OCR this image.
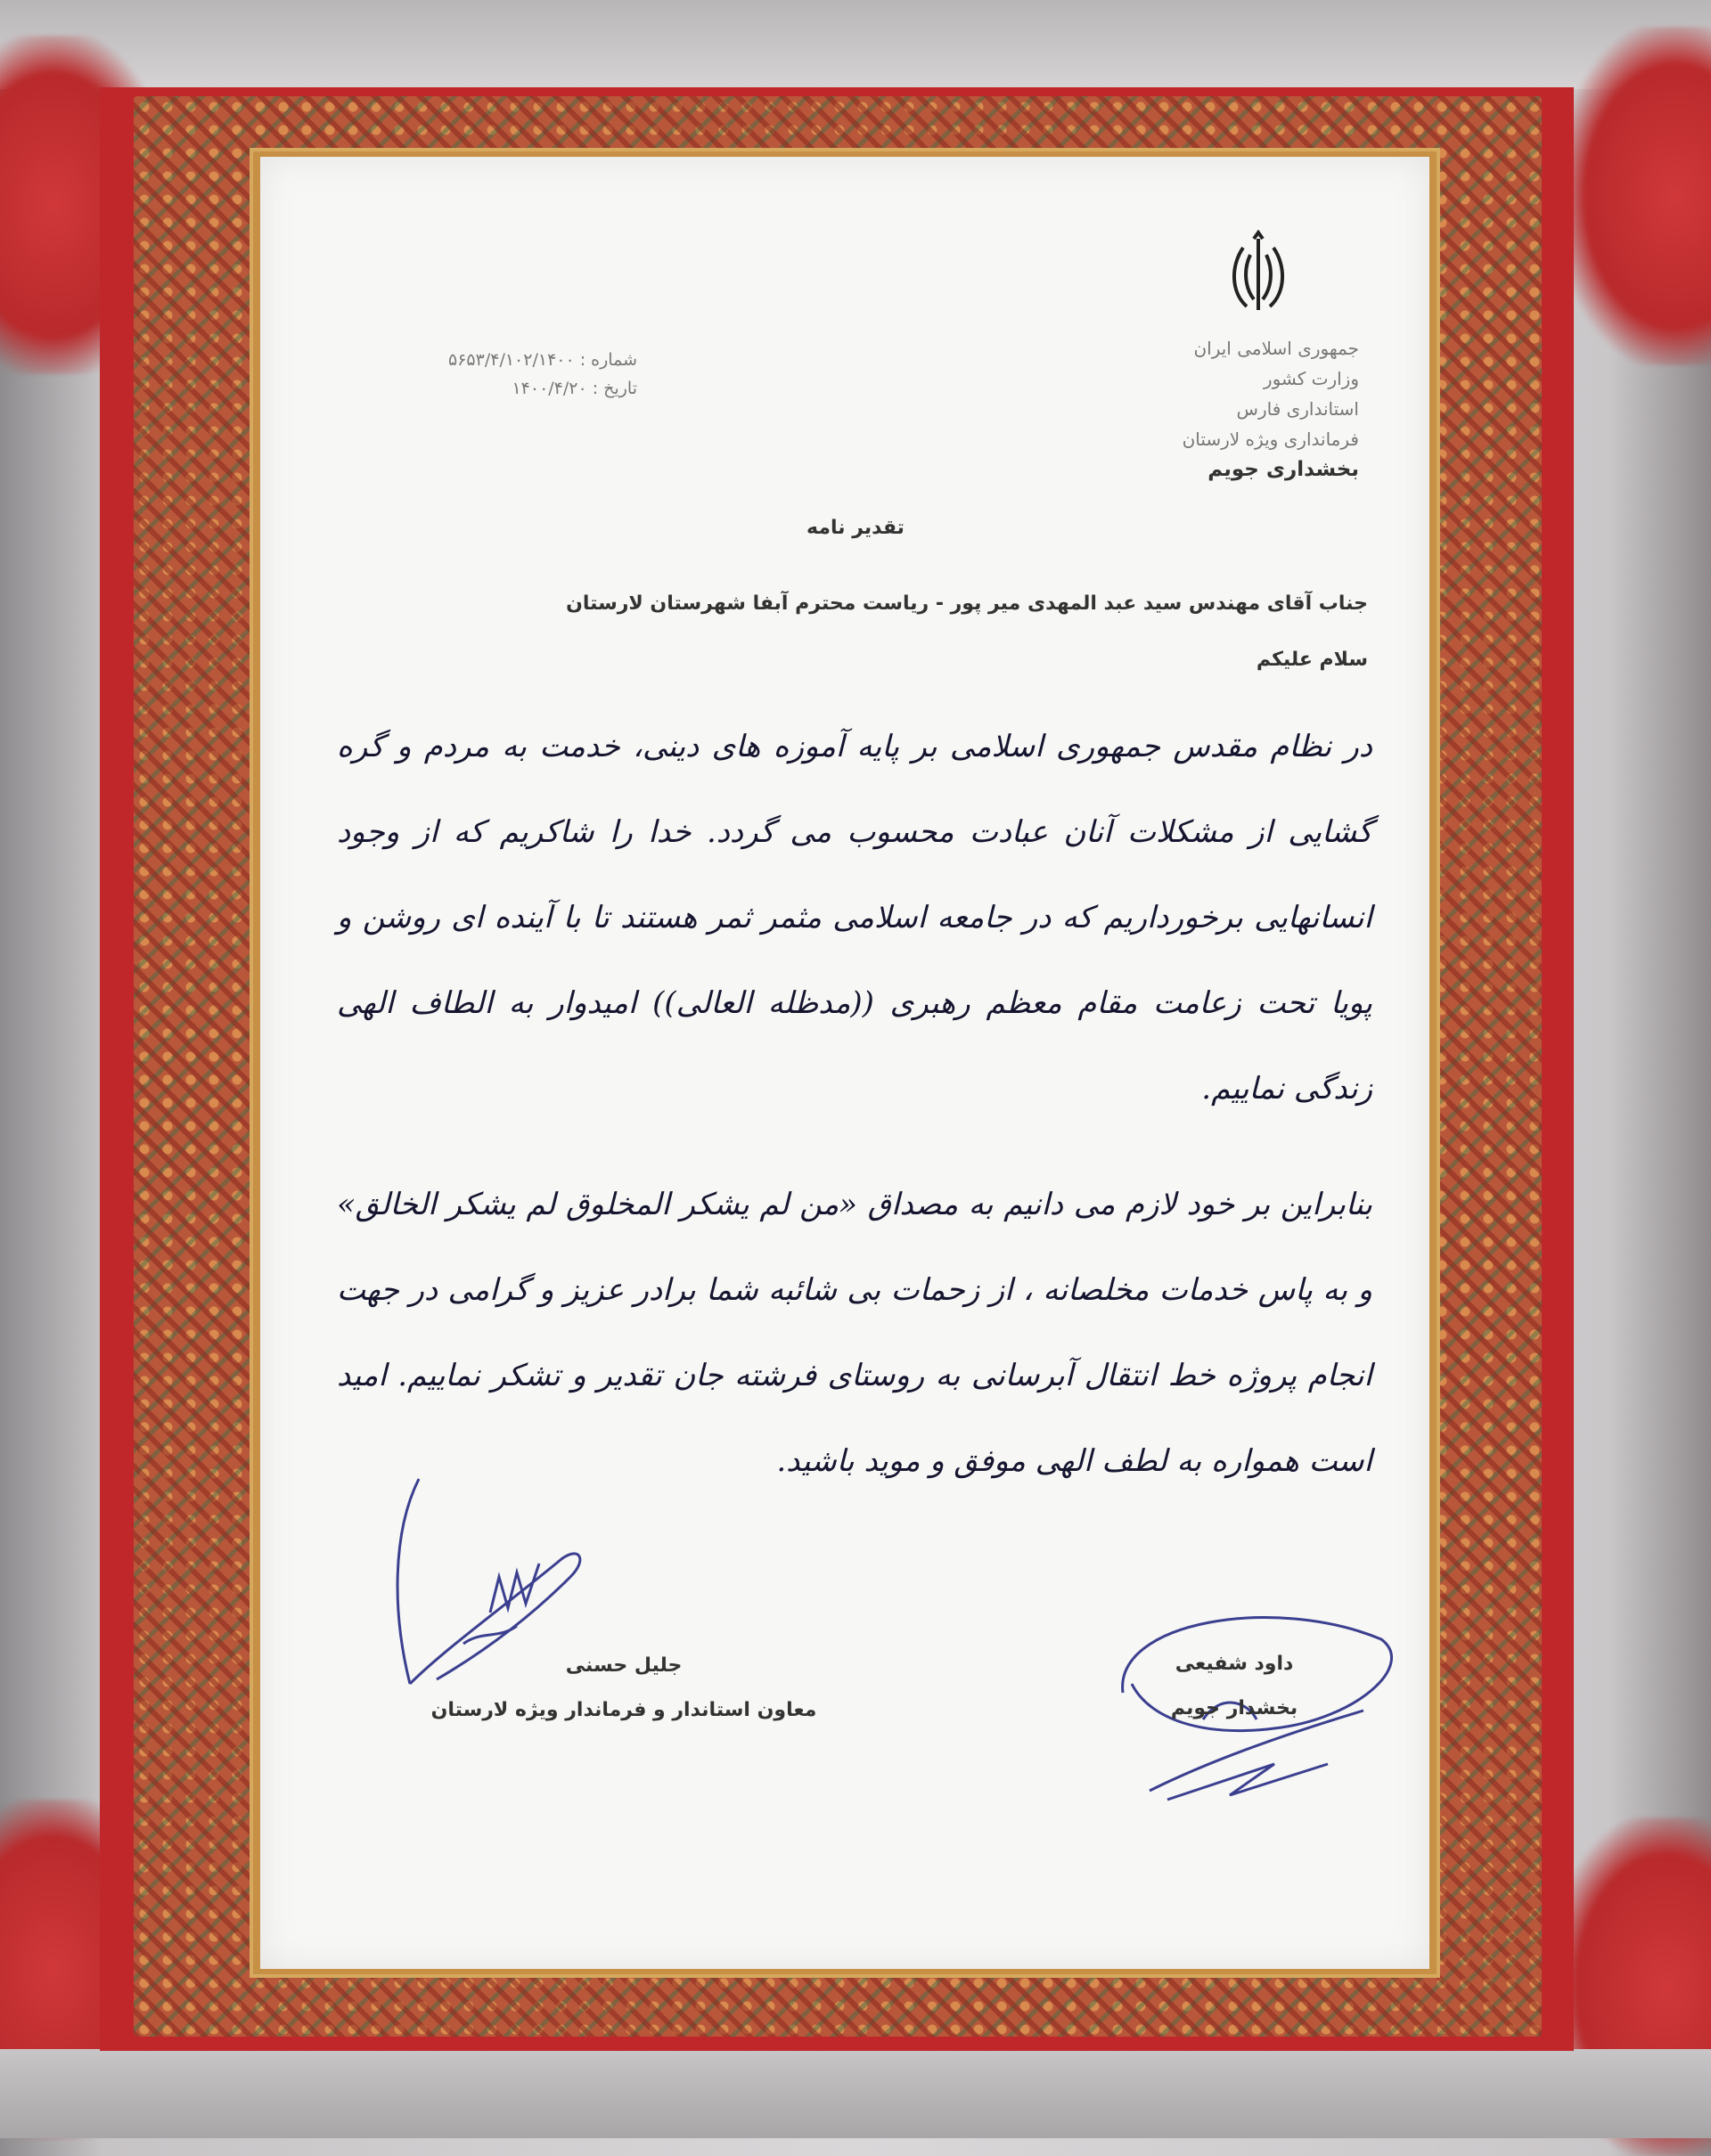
جمهوری اسلامی ایران
وزارت کشور
استانداری فارس
فرمانداری ویژه لارستان
بخشداری جویم
شماره : ۵۶۵۳/۴/۱۰۲/۱۴۰۰
تاریخ : ۱۴۰۰/۴/۲۰
تقدیر نامه
جناب آقای مهندس سید عبد المهدی میر پور - ریاست محترم آبفا شهرستان لارستان
سلام علیکم

در نظام مقدس جمهوری اسلامی بر پایه آموزه های دینی، خدمت به مردم و گره گشایی از مشکلات آنان عبادت محسوب می گردد. خدا را شاکریم که از وجود انسانهایی برخورداریم که در جامعه اسلامی مثمر ثمر هستند تا با آینده ای روشن و پویا تحت زعامت مقام معظم رهبری ((مدظله العالی)) امیدوار به الطاف الهی زندگی نماییم.

بنابراین بر خود لازم می دانیم به مصداق «من لم یشکر المخلوق لم یشکر الخالق» و به پاس خدمات مخلصانه ، از زحمات بی شائبه شما برادر عزیز و گرامی در جهت انجام پروژه خط انتقال آبرسانی به روستای فرشته جان تقدیر و تشکر نماییم. امید است همواره به لطف الهی موفق و موید باشید.

جلیل حسنی
معاون استاندار و فرماندار ویژه لارستان
داود شفیعی
بخشدار جویم
